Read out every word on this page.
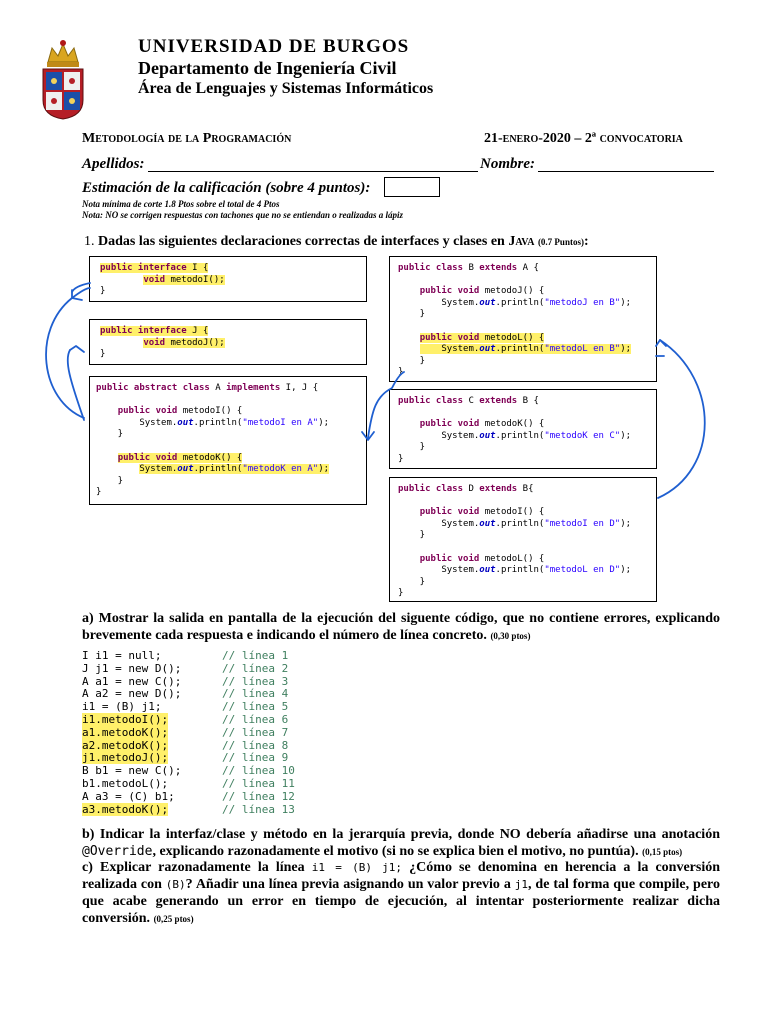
UNIVERSIDAD DE BURGOS
Departamento de Ingeniería Civil
Área de Lenguajes y Sistemas Informáticos
Metodología de la Programación	21-enero-2020 – 2ª convocatoria
Apellidos:	Nombre:
Estimación de la calificación (sobre 4 puntos):
Nota mínima de corte 1.8 Ptos sobre el total de 4 Ptos
Nota: NO se corrigen respuestas con tachones que no se entiendan o realizadas a lápiz
1. Dadas las siguientes declaraciones correctas de interfaces y clases en Java (0.7 Puntos):
public interface I {
void metodoI();
}
public interface J {
void metodoJ();
}
public abstract class A implements I, J {

public void metodoI() {
System.out.println("metodoI en A");
}

public void metodoK() {
System.out.println("metodoK en A");
}
}
public class B extends A {

public void metodoJ() {
System.out.println("metodoJ en B");
}

public void metodoL() {
System.out.println("metodoL en B");
}
}
public class C extends B {

public void metodoK() {
System.out.println("metodoK en C");
}
}
public class D extends B{

public void metodoI() {
System.out.println("metodoI en D");
}

public void metodoL() {
System.out.println("metodoL en D");
}
}
a) Mostrar la salida en pantalla de la ejecución del siguente código, que no contiene errores, explicando brevemente cada respuesta e indicando el número de línea concreto. (0,30 ptos)
I i1 = null;	// línea 1
J j1 = new D();	// línea 2
A a1 = new C();	// línea 3
A a2 = new D();	// línea 4
i1 = (B) j1;	// línea 5
i1.metodoI();	// línea 6
a1.metodoK();	// línea 7
a2.metodoK();	// línea 8
j1.metodoJ();	// línea 9
B b1 = new C();	// línea 10
b1.metodoL();	// línea 11
A a3 = (C) b1;	// línea 12
a3.metodoK();	// línea 13
b) Indicar la interfaz/clase y método en la jerarquía previa, donde NO debería añadirse una anotación @Override, explicando razonadamente el motivo (si no se explica bien el motivo, no puntúa). (0,15 ptos)
c) Explicar razonadamente la línea i1 = (B) j1; ¿Cómo se denomina en herencia a la conversión realizada con (B)? Añadir una línea previa asignando un valor previo a j1, de tal forma que compile, pero que acabe generando un error en tiempo de ejecución, al intentar posteriormente realizar dicha conversión. (0,25 ptos)
